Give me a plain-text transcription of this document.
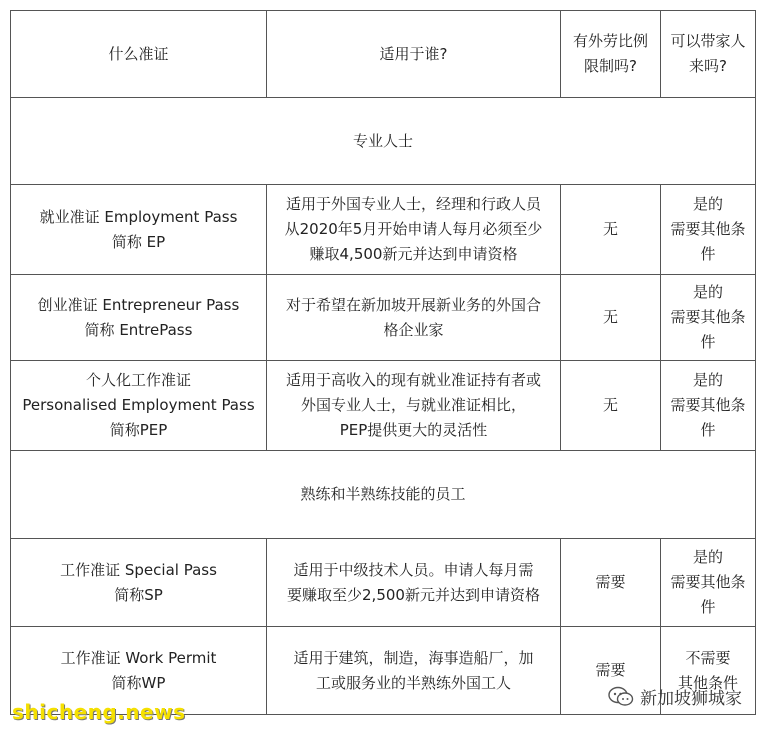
什么准证	适用于谁?	有外劳比例
限制吗?	可以带家人
来吗?

专业人士			

就业准证 Employment Pass
简称 EP	适用于外国专业人士，经理和行政人员
从2020年5月开始申请人每月必须至少
赚取4,500新元并达到申请资格	无	是的
需要其他条件

创业准证 Entrepreneur Pass
简称 EntrePass	对于希望在新加坡开展新业务的外国合
格企业家	无	是的
需要其他条件

个人化工作准证
Personalised Employment Pass
简称PEP	适用于高收入的现有就业准证持有者或
外国专业人士，与就业准证相比，
PEP提供更大的灵活性	无	是的
需要其他条件

熟练和半熟练技能的员工			

工作准证 Special Pass
简称SP	适用于中级技术人员。申请人每月需
要赚取至少2,500新元并达到申请资格	需要	是的
需要其他条件

工作准证 Work Permit
简称WP	适用于建筑，制造，海事造船厂，加
工或服务业的半熟练外国工人	需要	不需要
其他条件
shicheng.news
新加坡狮城家
